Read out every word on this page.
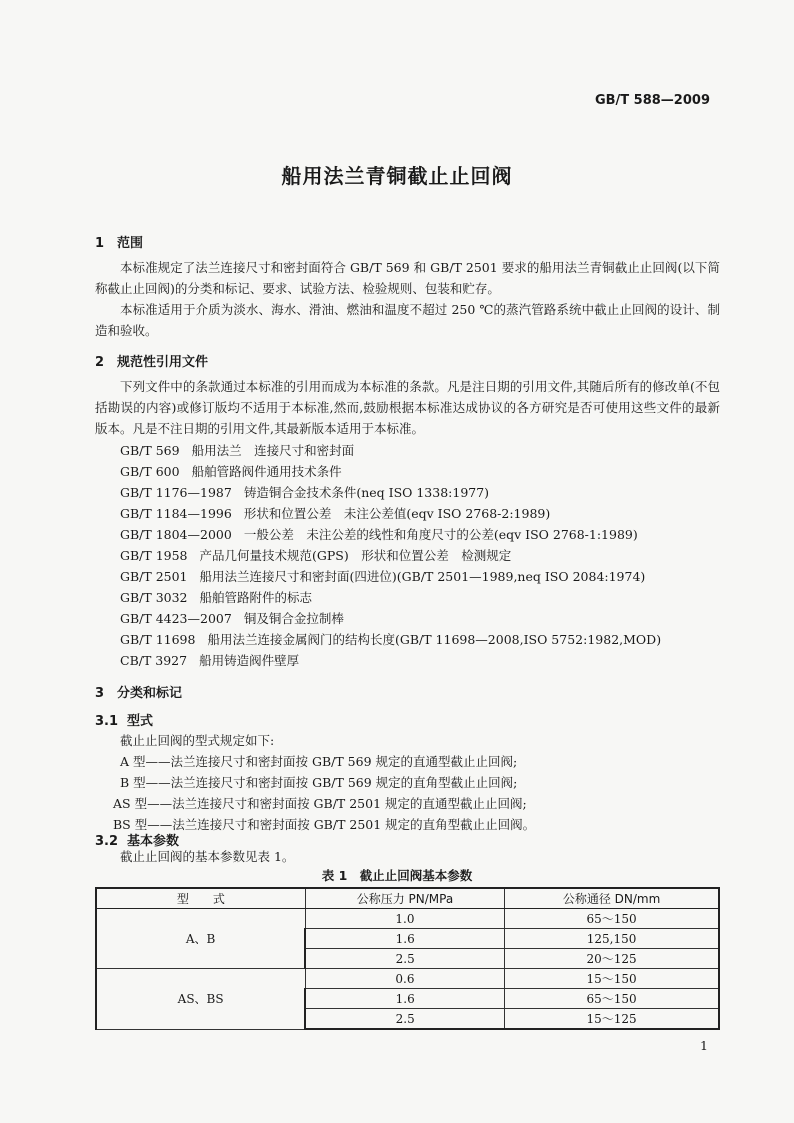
GB/T 588—2009
船用法兰青铜截止止回阀
1 范围
本标准规定了法兰连接尺寸和密封面符合 GB/T 569 和 GB/T 2501 要求的船用法兰青铜截止止回阀(以下简称截止止回阀)的分类和标记、要求、试验方法、检验规则、包装和贮存。
本标准适用于介质为淡水、海水、滑油、燃油和温度不超过 250 ℃的蒸汽管路系统中截止止回阀的设计、制造和验收。
2 规范性引用文件
下列文件中的条款通过本标准的引用而成为本标准的条款。凡是注日期的引用文件,其随后所有的修改单(不包括勘误的内容)或修订版均不适用于本标准,然而,鼓励根据本标准达成协议的各方研究是否可使用这些文件的最新版本。凡是不注日期的引用文件,其最新版本适用于本标准。
GB/T 569 船用法兰　连接尺寸和密封面
GB/T 600 船舶管路阀件通用技术条件
GB/T 1176—1987 铸造铜合金技术条件(neq ISO 1338:1977)
GB/T 1184—1996 形状和位置公差　未注公差值(eqv ISO 2768-2:1989)
GB/T 1804—2000 一般公差　未注公差的线性和角度尺寸的公差(eqv ISO 2768-1:1989)
GB/T 1958 产品几何量技术规范(GPS)　形状和位置公差　检测规定
GB/T 2501 船用法兰连接尺寸和密封面(四进位)(GB/T 2501—1989,neq ISO 2084:1974)
GB/T 3032 船舶管路附件的标志
GB/T 4423—2007 铜及铜合金拉制棒
GB/T 11698 船用法兰连接金属阀门的结构长度(GB/T 11698—2008,ISO 5752:1982,MOD)
CB/T 3927 船用铸造阀件壁厚
3 分类和标记
3.1 型式
截止止回阀的型式规定如下:
A 型——法兰连接尺寸和密封面按 GB/T 569 规定的直通型截止止回阀;
B 型——法兰连接尺寸和密封面按 GB/T 569 规定的直角型截止止回阀;
AS 型——法兰连接尺寸和密封面按 GB/T 2501 规定的直通型截止止回阀;
BS 型——法兰连接尺寸和密封面按 GB/T 2501 规定的直角型截止止回阀。
3.2 基本参数
截止止回阀的基本参数见表 1。
表 1　截止止回阀基本参数
型　　式	公称压力 PN/MPa	公称通径 DN/mm
A、B	1.0	65～150
	1.6	125,150
	2.5	20～125
AS、BS	0.6	15～150
	1.6	65～150
	2.5	15～125
1
